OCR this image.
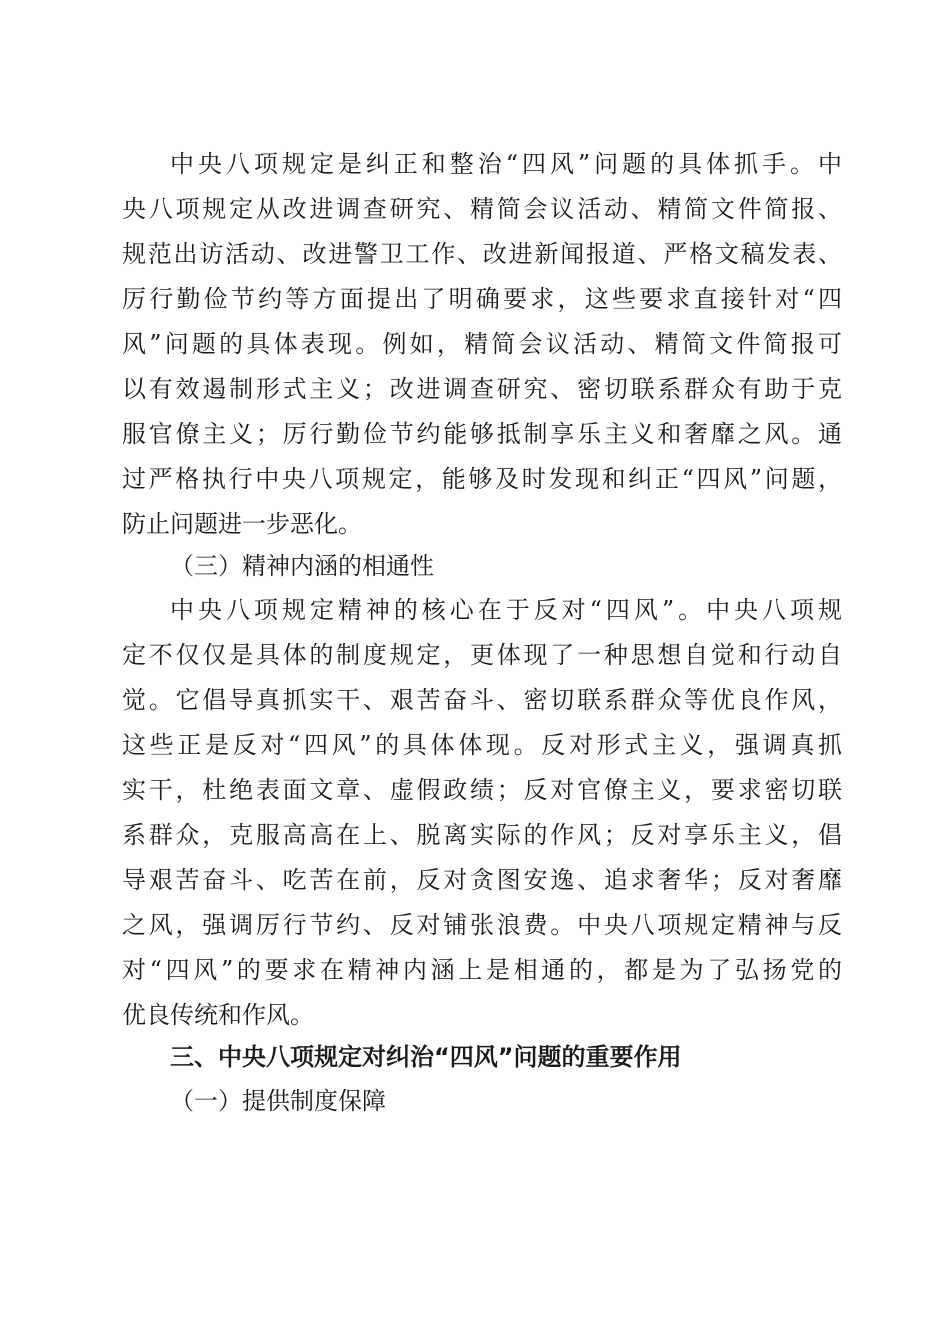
中央八项规定是纠正和整治“四风”问题的具体抓手。中
央八项规定从改进调查研究、精简会议活动、精简文件简报、
规范出访活动、改进警卫工作、改进新闻报道、严格文稿发表、
厉行勤俭节约等方面提出了明确要求，这些要求直接针对“四
风”问题的具体表现。例如，精简会议活动、精简文件简报可
以有效遏制形式主义；改进调查研究、密切联系群众有助于克
服官僚主义；厉行勤俭节约能够抵制享乐主义和奢靡之风。通
过严格执行中央八项规定，能够及时发现和纠正“四风”问题，
防止问题进一步恶化。
（三）精神内涵的相通性
中央八项规定精神的核心在于反对“四风”。中央八项规
定不仅仅是具体的制度规定，更体现了一种思想自觉和行动自
觉。它倡导真抓实干、艰苦奋斗、密切联系群众等优良作风，
这些正是反对“四风”的具体体现。反对形式主义，强调真抓
实干，杜绝表面文章、虚假政绩；反对官僚主义，要求密切联
系群众，克服高高在上、脱离实际的作风；反对享乐主义，倡
导艰苦奋斗、吃苦在前，反对贪图安逸、追求奢华；反对奢靡
之风，强调厉行节约、反对铺张浪费。中央八项规定精神与反
对“四风”的要求在精神内涵上是相通的，都是为了弘扬党的
优良传统和作风。
三、中央八项规定对纠治“四风”问题的重要作用
（一）提供制度保障
